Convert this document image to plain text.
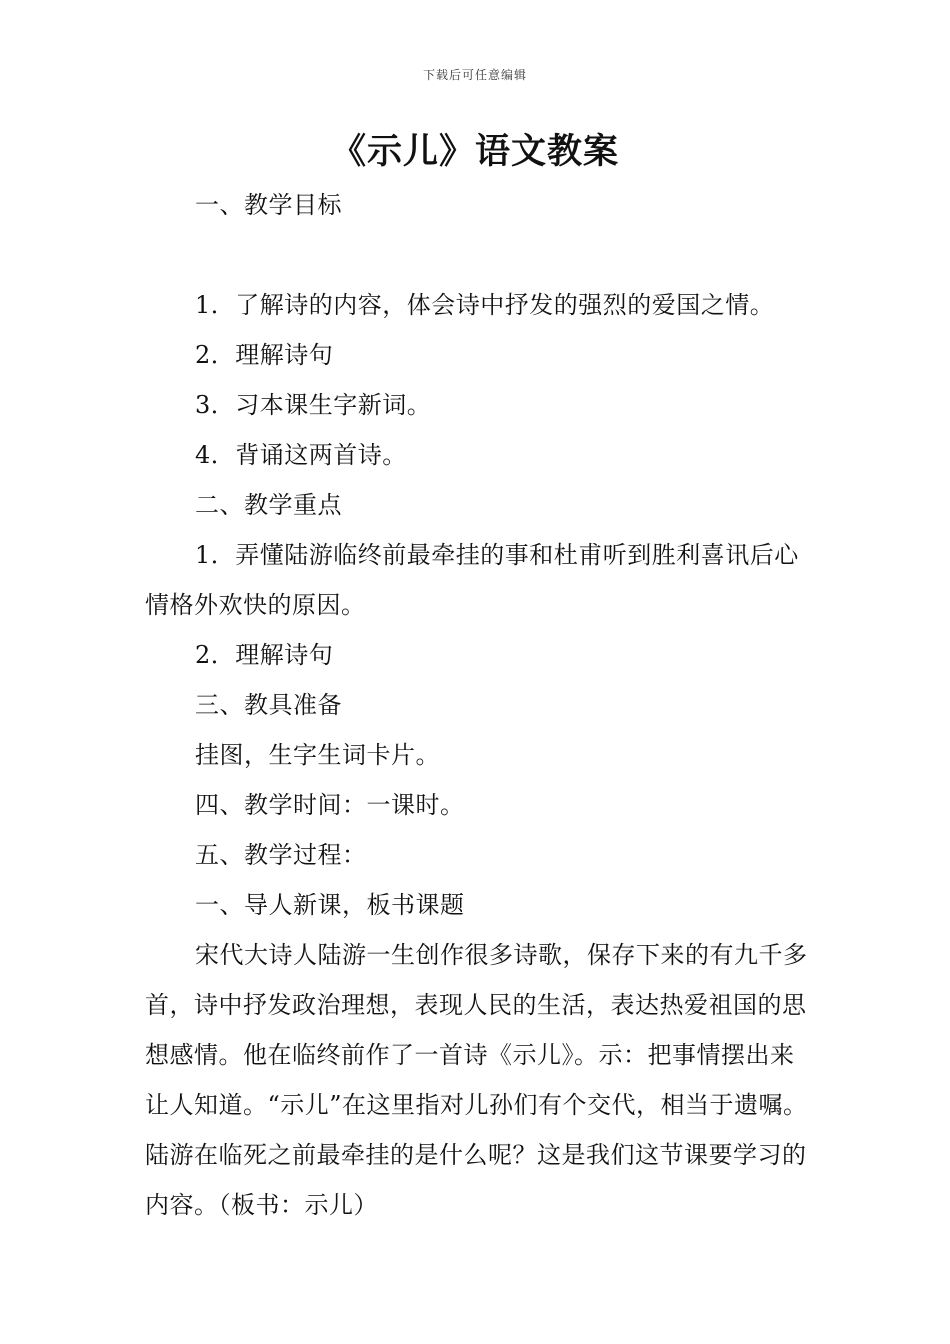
下载后可任意编辑
《示儿》语文教案

一、教学目标

1．了解诗的内容，体会诗中抒发的强烈的爱国之情。

2．理解诗句

3．习本课生字新词。

4．背诵这两首诗。

二、教学重点

1．弄懂陆游临终前最牵挂的事和杜甫听到胜利喜讯后心情格外欢快的原因。

2．理解诗句

三、教具准备

挂图，生字生词卡片。

四、教学时间：一课时。

五、教学过程：

一、导人新课，板书课题

宋代大诗人陆游一生创作很多诗歌，保存下来的有九千多首，诗中抒发政治理想，表现人民的生活，表达热爱祖国的思想感情。他在临终前作了一首诗《示儿》。示：把事情摆出来让人知道。“示儿”在这里指对儿孙们有个交代，相当于遗嘱。陆游在临死之前最牵挂的是什么呢？这是我们这节课要学习的内容。（板书：示儿）
